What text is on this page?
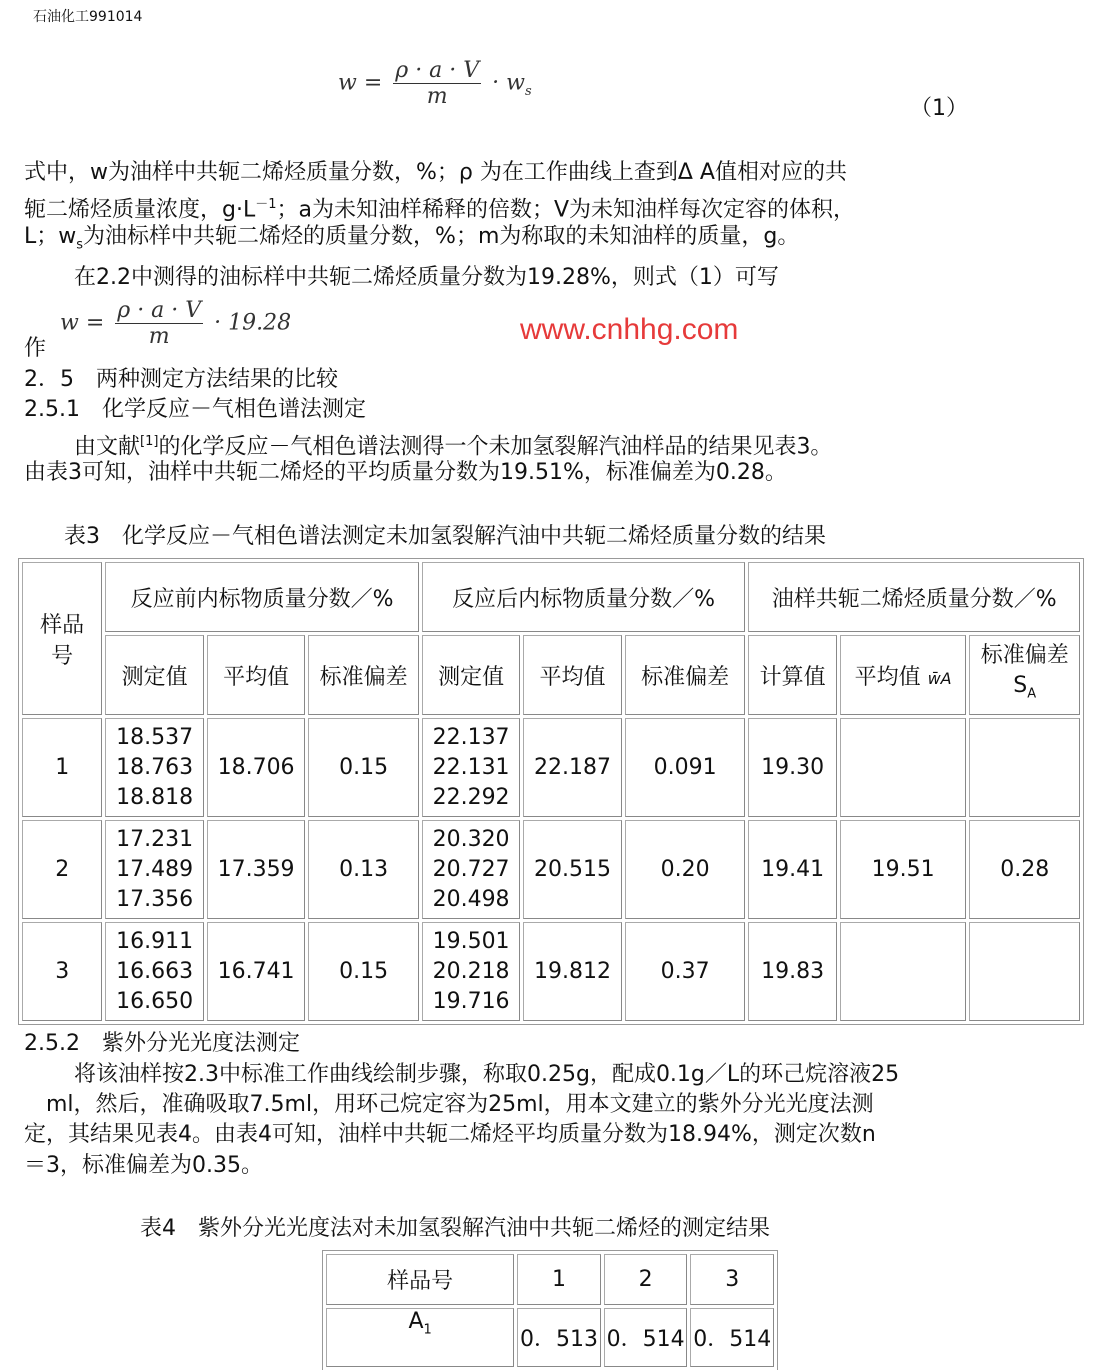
石油化工991014
$w = \frac{\rho \cdot a \cdot V}{m} \cdot w_s$
（1）
式中，w为油样中共轭二烯烃质量分数，%；ρ 为在工作曲线上查到Δ A值相对应的共
轭二烯烃质量浓度，$g\cdot L^{-1}$；a为未知油样稀释的倍数；V为未知油样每次定容的体积，
L；$w_s$为油标样中共轭二烯烃的质量分数，%；m为称取的未知油样的质量，g。
在2.2中测得的油标样中共轭二烯烃质量分数为19.28%，则式（1）可写
作
$w = \frac{\rho \cdot a \cdot V}{m} \cdot 19.28$	www.cnhhg.com
2．5　两种测定方法结果的比较
2.5.1　化学反应－气相色谱法测定
由文献[1]的化学反应－气相色谱法测得一个未加氢裂解汽油样品的结果见表3。
由表3可知，油样中共轭二烯烃的平均质量分数为19.51%，标准偏差为0.28。
表3　化学反应－气相色谱法测定未加氢裂解汽油中共轭二烯烃质量分数的结果
样品号	反应前内标物质量分数／%			反应后内标物质量分数／%			油样共轭二烯烃质量分数／%		
	测定值	平均值	标准偏差	测定值	平均值	标准偏差	计算值	平均值 w̄A	标准偏差
$S_A$
1	18.537
18.763
18.818	18.706	0.15	22.137
22.131
22.292	22.187	0.091	19.30		
2	17.231
17.489
17.356	17.359	0.13	20.320
20.727
20.498	20.515	0.20	19.41	19.51	0.28
3	16.911
16.663
16.650	16.741	0.15	19.501
20.218
19.716	19.812	0.37	19.83		
2.5.2　紫外分光光度法测定
将该油样按2.3中标准工作曲线绘制步骤，称取0.25g，配成0.1g／L的环己烷溶液25
ml，然后，准确吸取7.5ml，用环己烷定容为25ml，用本文建立的紫外分光光度法测
定，其结果见表4。由表4可知，油样中共轭二烯烃平均质量分数为18.94%，测定次数n
＝3，标准偏差为0.35。
表4　紫外分光光度法对未加氢裂解汽油中共轭二烯烃的测定结果
样品号	1	2	3
$A_1$	0．513	0．514	0．514
